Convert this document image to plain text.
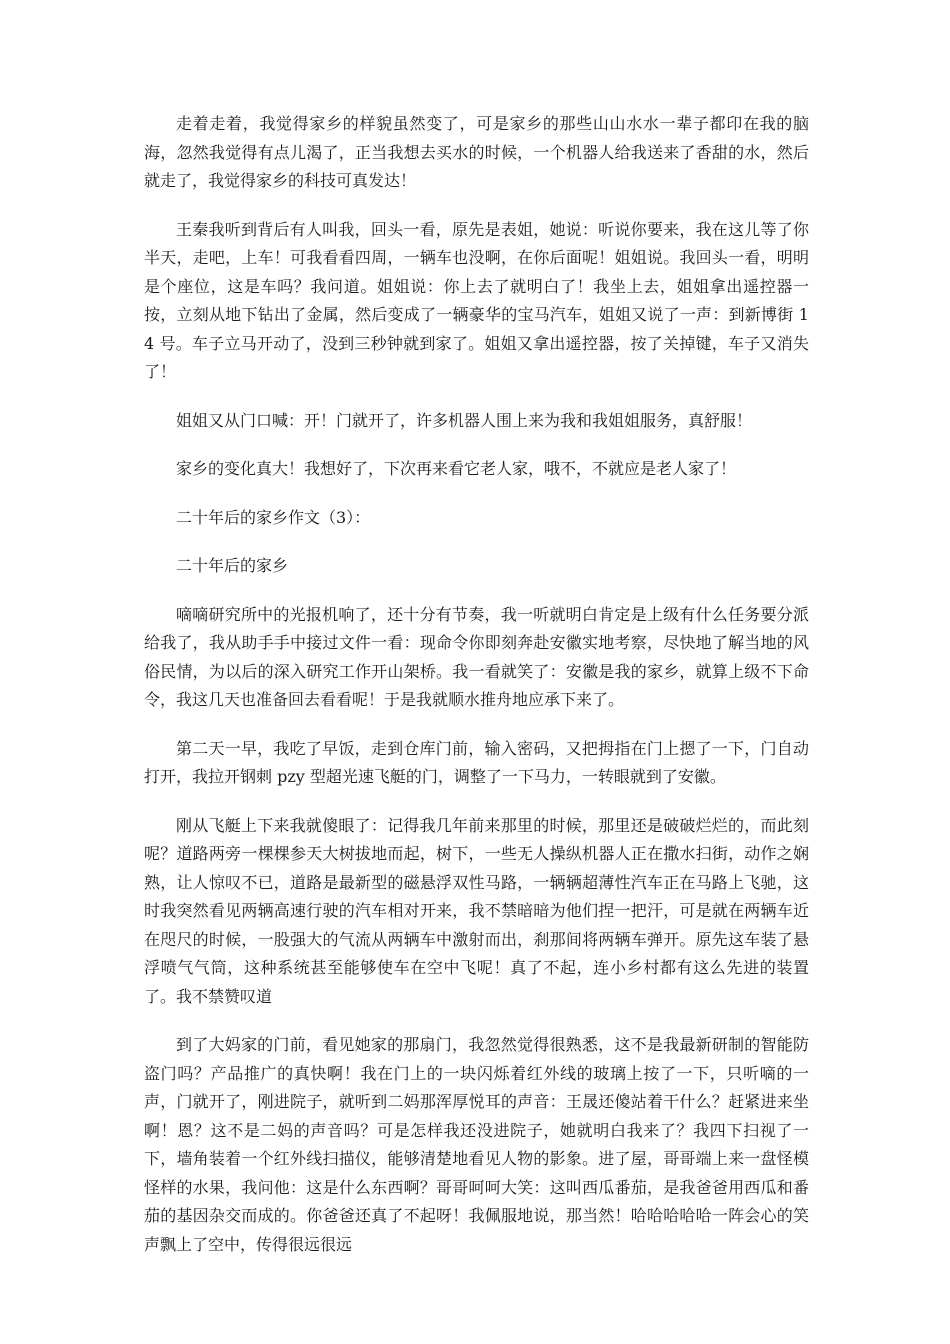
走着走着，我觉得家乡的样貌虽然变了，可是家乡的那些山山水水一辈子都印在我的脑海，忽然我觉得有点儿渴了，正当我想去买水的时候，一个机器人给我送来了香甜的水，然后就走了，我觉得家乡的科技可真发达！

王秦我听到背后有人叫我，回头一看，原先是表姐，她说：听说你要来，我在这儿等了你半天，走吧，上车！可我看看四周，一辆车也没啊，在你后面呢！姐姐说。我回头一看，明明是个座位，这是车吗？我问道。姐姐说：你上去了就明白了！我坐上去，姐姐拿出遥控器一按，立刻从地下钻出了金属，然后变成了一辆豪华的宝马汽车，姐姐又说了一声：到新博街 14 号。车子立马开动了，没到三秒钟就到家了。姐姐又拿出遥控器，按了关掉键，车子又消失了！

姐姐又从门口喊：开！门就开了，许多机器人围上来为我和我姐姐服务，真舒服！

家乡的变化真大！我想好了，下次再来看它老人家，哦不，不就应是老人家了！

二十年后的家乡作文（3）：

二十年后的家乡

嘀嘀研究所中的光报机响了，还十分有节奏，我一听就明白肯定是上级有什么任务要分派给我了，我从助手手中接过文件一看：现命令你即刻奔赴安徽实地考察，尽快地了解当地的风俗民情，为以后的深入研究工作开山架桥。我一看就笑了：安徽是我的家乡，就算上级不下命令，我这几天也准备回去看看呢！于是我就顺水推舟地应承下来了。

第二天一早，我吃了早饭，走到仓库门前，输入密码，又把拇指在门上摁了一下，门自动打开，我拉开钢刺 pzy 型超光速飞艇的门，调整了一下马力，一转眼就到了安徽。

刚从飞艇上下来我就傻眼了：记得我几年前来那里的时候，那里还是破破烂烂的，而此刻呢？道路两旁一棵棵参天大树拔地而起，树下，一些无人操纵机器人正在撒水扫街，动作之娴熟，让人惊叹不已，道路是最新型的磁悬浮双性马路，一辆辆超薄性汽车正在马路上飞驰，这时我突然看见两辆高速行驶的汽车相对开来，我不禁暗暗为他们捏一把汗，可是就在两辆车近在咫尺的时候，一股强大的气流从两辆车中激射而出，刹那间将两辆车弹开。原先这车装了悬浮喷气气筒，这种系统甚至能够使车在空中飞呢！真了不起，连小乡村都有这么先进的装置了。我不禁赞叹道

到了大妈家的门前，看见她家的那扇门，我忽然觉得很熟悉，这不是我最新研制的智能防盗门吗？产品推广的真快啊！我在门上的一块闪烁着红外线的玻璃上按了一下，只听嘀的一声，门就开了，刚进院子，就听到二妈那浑厚悦耳的声音：王晟还傻站着干什么？赶紧进来坐啊！恩？这不是二妈的声音吗？可是怎样我还没进院子，她就明白我来了？我四下扫视了一下，墙角装着一个红外线扫描仪，能够清楚地看见人物的影象。进了屋，哥哥端上来一盘怪模怪样的水果，我问他：这是什么东西啊？哥哥呵呵大笑：这叫西瓜番茄，是我爸爸用西瓜和番茄的基因杂交而成的。你爸爸还真了不起呀！我佩服地说，那当然！哈哈哈哈哈一阵会心的笑声飘上了空中，传得很远很远
